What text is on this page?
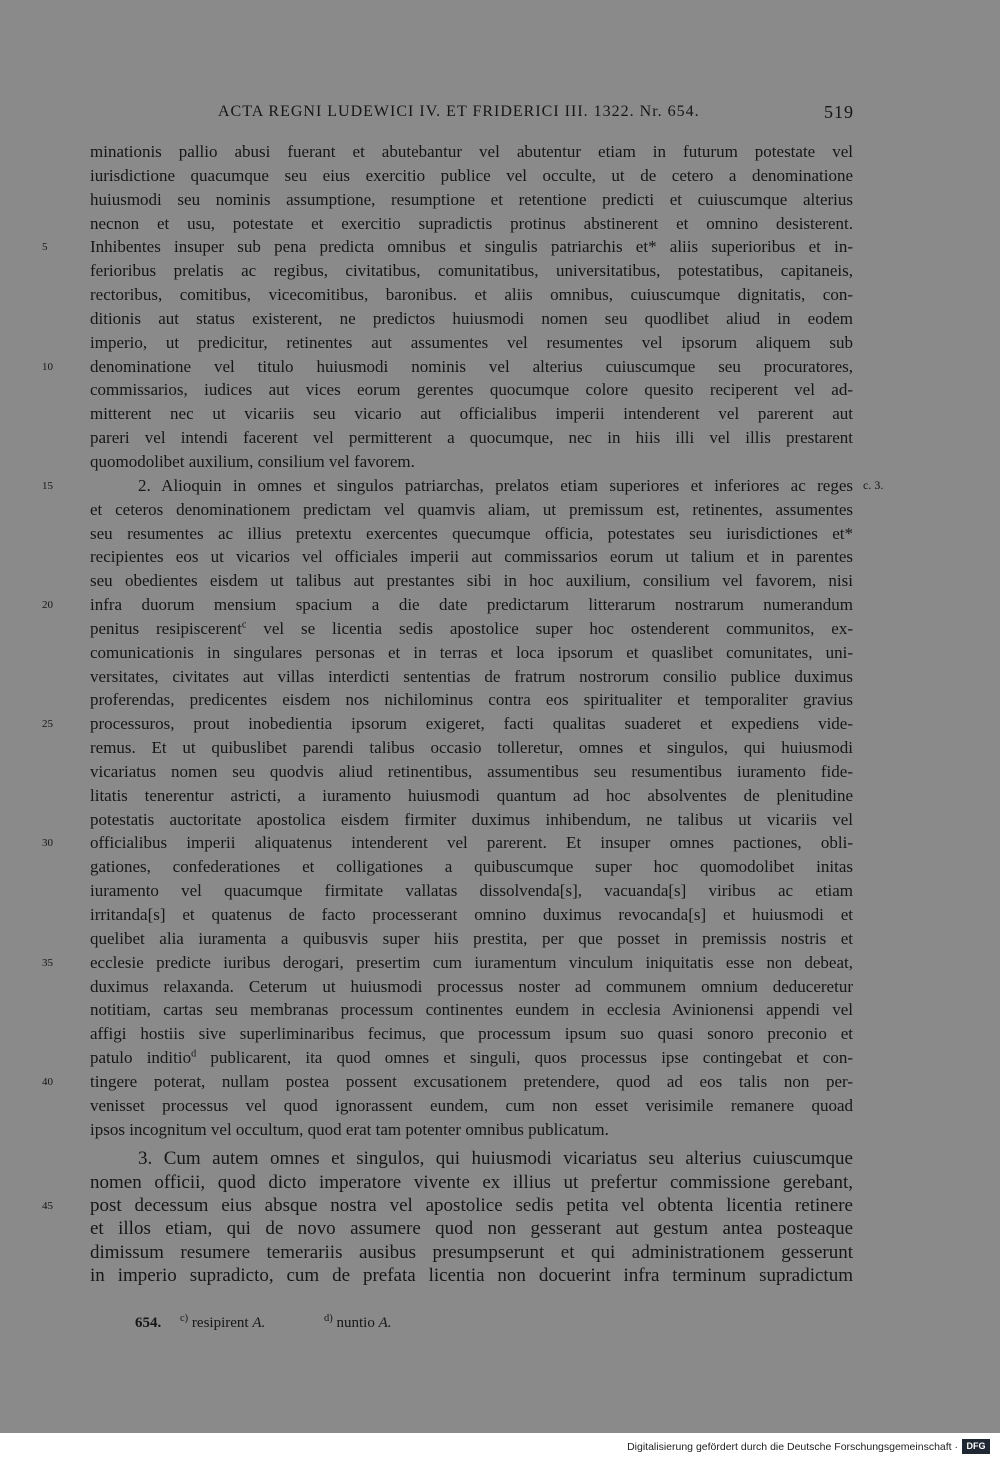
ACTA REGNI LUDEWICI IV. ET FRIDERICI III. 1322. Nr. 654.	519
minationis pallio abusi fuerant et abutebantur vel abutentur etiam in futurum potestate vel
iurisdictione quacumque seu eius exercitio publice vel occulte, ut de cetero a denominatione
huiusmodi seu nominis assumptione, resumptione et retentione predicti et cuiuscumque alterius
necnon et usu, potestate et exercitio supradictis protinus abstinerent et omnino desisterent.
5	Inhibentes insuper sub pena predicta omnibus et singulis patriarchis et* aliis superioribus et in-
ferioribus prelatis ac regibus, civitatibus, comunitatibus, universitatibus, potestatibus, capitaneis,
rectoribus, comitibus, vicecomitibus, baronibus. et aliis omnibus, cuiuscumque dignitatis, con-
ditionis aut status existerent, ne predictos huiusmodi nomen seu quodlibet aliud in eodem
imperio, ut predicitur, retinentes aut assumentes vel resumentes vel ipsorum aliquem sub
10	denominatione vel titulo huiusmodi nominis vel alterius cuiuscumque seu procuratores,
commissarios, iudices aut vices eorum gerentes quocumque colore quesito reciperent vel ad-
mitterent nec ut vicariis seu vicario aut officialibus imperii intenderent vel parerent aut
pareri vel intendi facerent vel permitterent a quocumque, nec in hiis illi vel illis prestarent
quomodolibet auxilium, consilium vel favorem.
15	2. Alioquin in omnes et singulos patriarchas, prelatos etiam superiores et inferiores ac reges c. 3.
et ceteros denominationem predictam vel quamvis aliam, ut premissum est, retinentes, assumentes
seu resumentes ac illius pretextu exercentes quecumque officia, potestates seu iurisdictiones et*
recipientes eos ut vicarios vel officiales imperii aut commissarios eorum ut talium et in parentes
seu obedientes eisdem ut talibus aut prestantes sibi in hoc auxilium, consilium vel favorem, nisi
20	infra duorum mensium spacium a die date predictarum litterarum nostrarum numerandum
penitus resipiscerent$^c$ vel se licentia sedis apostolice super hoc ostenderent communitos, ex-
comunicationis in singulares personas et in terras et loca ipsorum et quaslibet comunitates, uni-
versitates, civitates aut villas interdicti sententias de fratrum nostrorum consilio publice duximus
proferendas, predicentes eisdem nos nichilominus contra eos spiritualiter et temporaliter gravius
25	processuros, prout inobedientia ipsorum exigeret, facti qualitas suaderet et expediens vide-
remus. Et ut quibuslibet parendi talibus occasio tolleretur, omnes et singulos, qui huiusmodi
vicariatus nomen seu quodvis aliud retinentibus, assumentibus seu resumentibus iuramento fide-
litatis tenerentur astricti, a iuramento huiusmodi quantum ad hoc absolventes de plenitudine
potestatis auctoritate apostolica eisdem firmiter duximus inhibendum, ne talibus ut vicariis vel
30	officialibus imperii aliquatenus intenderent vel parerent. Et insuper omnes pactiones, obli-
gationes, confederationes et colligationes a quibuscumque super hoc quomodolibet initas
iuramento vel quacumque firmitate vallatas dissolvenda[s], vacuanda[s] viribus ac etiam
irritanda[s] et quatenus de facto processerant omnino duximus revocanda[s] et huiusmodi et
quelibet alia iuramenta a quibusvis super hiis prestita, per que posset in premissis nostris et
35	ecclesie predicte iuribus derogari, presertim cum iuramentum vinculum iniquitatis esse non debeat,
duximus relaxanda. Ceterum ut huiusmodi processus noster ad communem omnium deduceretur
notitiam, cartas seu membranas processum continentes eundem in ecclesia Avinionensi appendi vel
affigi hostiis sive superliminaribus fecimus, que processum ipsum suo quasi sonoro preconio et
patulo inditio$^d$ publicarent, ita quod omnes et singuli, quos processus ipse contingebat et con-
40	tingere poterat, nullam postea possent excusationem pretendere, quod ad eos talis non per-
venisset processus vel quod ignorassent eundem, cum non esset verisimile remanere quoad
ipsos incognitum vel occultum, quod erat tam potenter omnibus publicatum.
3. Cum autem omnes et singulos, qui huiusmodi vicariatus seu alterius cuiuscumque
nomen officii, quod dicto imperatore vivente ex illius ut prefertur commissione gerebant,
45	post decessum eius absque nostra vel apostolice sedis petita vel obtenta licentia retinere
et illos etiam, qui de novo assumere quod non gesserant aut gestum antea posteaque
dimissum resumere temerariis ausibus presumpserunt et qui administrationem gesserunt
in imperio supradicto, cum de prefata licentia non docuerint infra terminum supradictum
654. $^{c)}$ resipirent A.	$^{d)}$ nuntio A.
Digitalisierung gefördert durch die Deutsche Forschungsgemeinschaft · DFG
